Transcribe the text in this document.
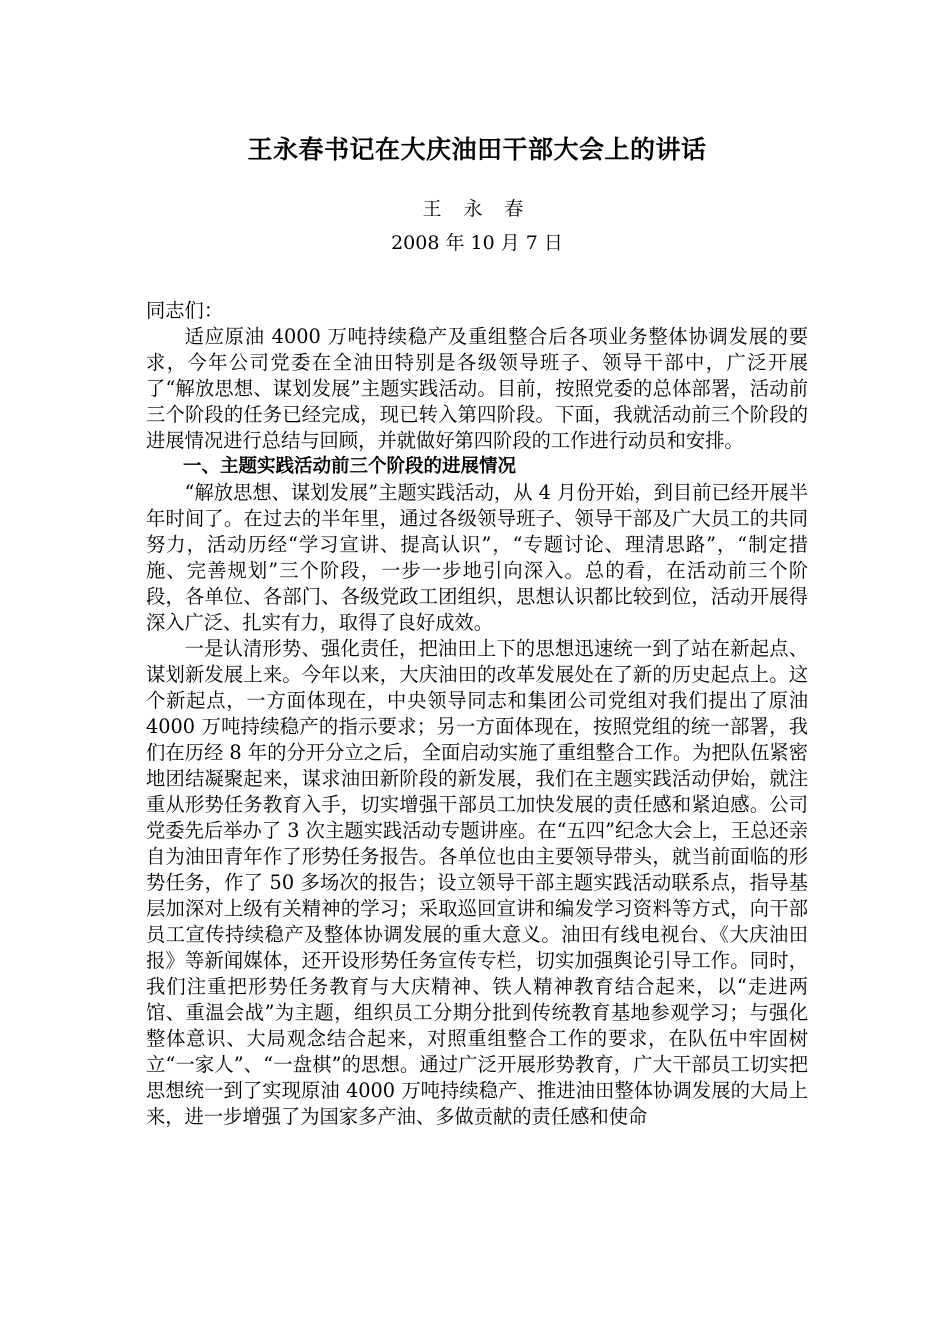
王永春书记在大庆油田干部大会上的讲话
王 永 春
2008 年 10 月 7 日

同志们：

适应原油 4000 万吨持续稳产及重组整合后各项业务整体协调发展的要求，今年公司党委在全油田特别是各级领导班子、领导干部中，广泛开展了“解放思想、谋划发展”主题实践活动。目前，按照党委的总体部署，活动前三个阶段的任务已经完成，现已转入第四阶段。下面，我就活动前三个阶段的进展情况进行总结与回顾，并就做好第四阶段的工作进行动员和安排。

一、主题实践活动前三个阶段的进展情况

“解放思想、谋划发展”主题实践活动，从 4 月份开始，到目前已经开展半年时间了。在过去的半年里，通过各级领导班子、领导干部及广大员工的共同努力，活动历经“学习宣讲、提高认识”，“专题讨论、理清思路”，“制定措施、完善规划”三个阶段，一步一步地引向深入。总的看，在活动前三个阶段，各单位、各部门、各级党政工团组织，思想认识都比较到位，活动开展得深入广泛、扎实有力，取得了良好成效。

一是认清形势、强化责任，把油田上下的思想迅速统一到了站在新起点、谋划新发展上来。今年以来，大庆油田的改革发展处在了新的历史起点上。这个新起点，一方面体现在，中央领导同志和集团公司党组对我们提出了原油 4000 万吨持续稳产的指示要求；另一方面体现在，按照党组的统一部署，我们在历经 8 年的分开分立之后，全面启动实施了重组整合工作。为把队伍紧密地团结凝聚起来，谋求油田新阶段的新发展，我们在主题实践活动伊始，就注重从形势任务教育入手，切实增强干部员工加快发展的责任感和紧迫感。公司党委先后举办了 3 次主题实践活动专题讲座。在“五四”纪念大会上，王总还亲自为油田青年作了形势任务报告。各单位也由主要领导带头，就当前面临的形势任务，作了 50 多场次的报告；设立领导干部主题实践活动联系点，指导基层加深对上级有关精神的学习；采取巡回宣讲和编发学习资料等方式，向干部员工宣传持续稳产及整体协调发展的重大意义。油田有线电视台、《大庆油田报》等新闻媒体，还开设形势任务宣传专栏，切实加强舆论引导工作。同时，我们注重把形势任务教育与大庆精神、铁人精神教育结合起来，以“走进两馆、重温会战”为主题，组织员工分期分批到传统教育基地参观学习；与强化整体意识、大局观念结合起来，对照重组整合工作的要求，在队伍中牢固树立“一家人”、“一盘棋”的思想。通过广泛开展形势教育，广大干部员工切实把思想统一到了实现原油 4000 万吨持续稳产、推进油田整体协调发展的大局上来，进一步增强了为国家多产油、多做贡献的责任感和使命
